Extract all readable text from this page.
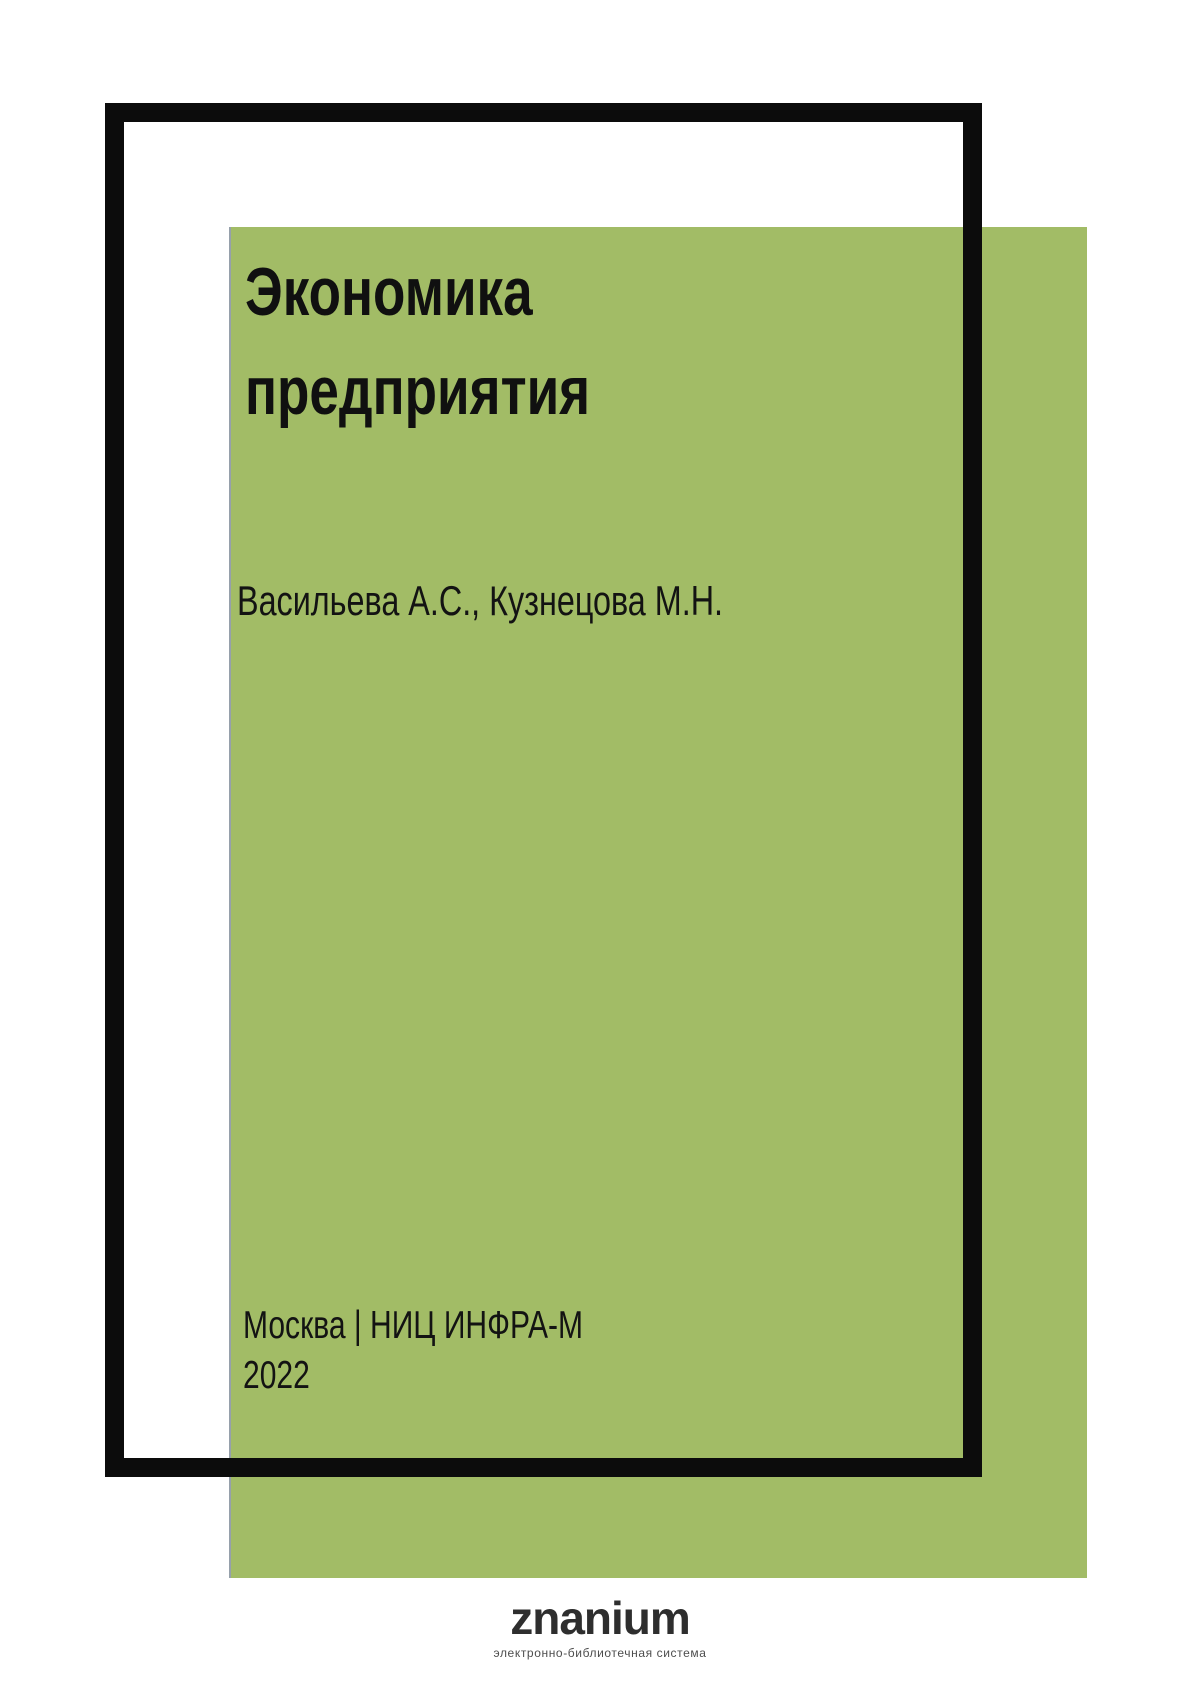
Экономика
предприятия
Васильева А.С., Кузнецова М.Н.
Москва | НИЦ ИНФРА-М
2022
znanium
электронно-библиотечная система
